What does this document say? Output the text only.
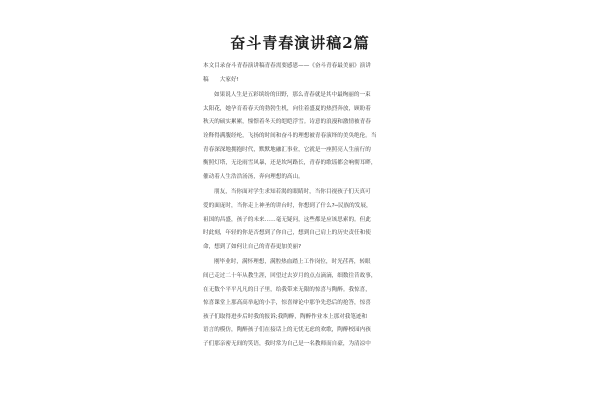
奋斗青春演讲稿2篇
本文目录奋斗青春演讲稿青春需要感恩——《奋斗青春最美丽》演讲
稿　　大家好!
如果说人生是五彩缤纷的田野，那么青春就是其中最绚丽的一束
太阳花，她孕育着春天的勃勃生机，向往着盛夏的热烈奔放，顾盼着
秋天的硕实累累，憧憬着冬天的皑皑浮雪。诗意的浪漫和激情被青春
诠释得满腹经纶，飞扬的时间和奋斗的理想被青春演绎的美奂绝伦。当
青春深深地拥抱时代，默默地融汇事业，它就是一座照亮人生前行的
衡照灯塔，无论雨雪风暴，还是坎坷路长，青春的歌谣都会响彻耳畔，
催动着人生浩浩汤汤，奔向理想的高山。
朋友，当你面对学生求知若渴的眼睛时，当你目视孩子们天真可
爱的面庞时，当你走上神圣的讲台时，你想到了什么?─民族的发展，
祖国的昌盛，孩子的未来……毫无疑问，这些都是应该思索的。但此
时此刻，年轻的你是否想到了你自己，想到自己肩上的历史责任和使
命，想到了如何让自己的青春更加美丽?
刚毕业时，满怀理想，满腔热血踏上工作岗位，时光荏苒，转眼
间已走过二十年从教生涯，回望过去岁月的点点滴滴，细数往昔故事，
在无数个平平凡凡的日子里，给我带来无限的惊喜与陶醉。我惊喜，
惊喜课堂上那高高举起的小手，惊喜辩论中那争先恐后的抢答，惊喜
孩子们取得进步后时我的报诉;我陶醉，陶醉作业本上那对我笔迹和
语言的模仿，陶醉孩子们在接话上的无忧无虑的欢歌，陶醉校园内孩
子们那亲密无间的笑语，我时常为自己是一名教师而自豪，为清凉中
